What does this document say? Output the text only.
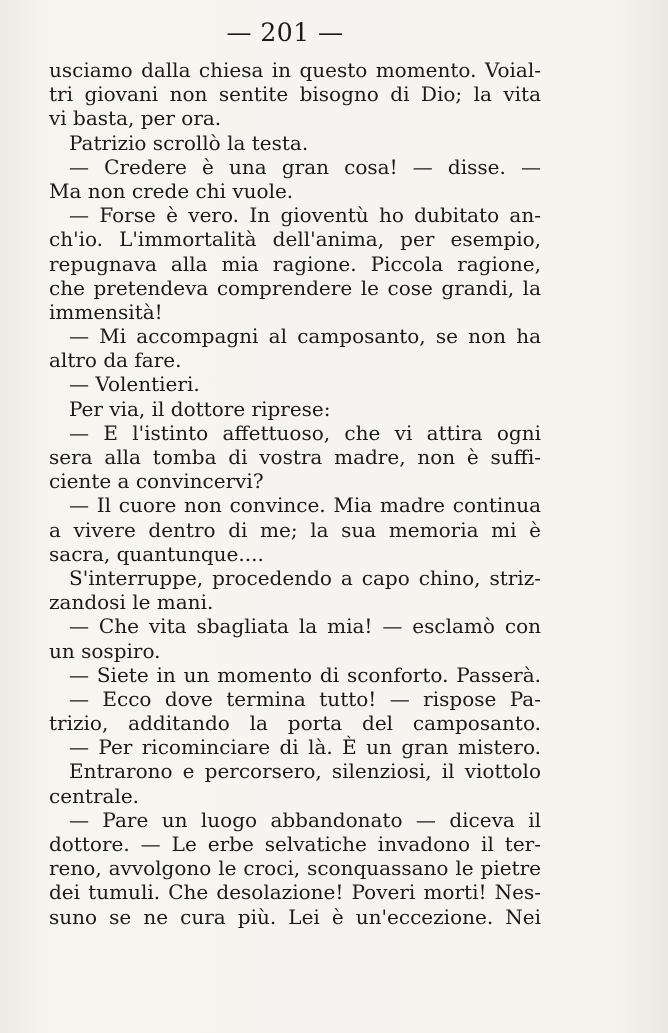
— 201 —
usciamo dalla chiesa in questo momento. Voial-
tri giovani non sentite bisogno di Dio; la vita
vi basta, per ora.
Patrizio scrollò la testa.
— Credere è una gran cosa! — disse. —
Ma non crede chi vuole.
— Forse è vero. In gioventù ho dubitato an-
ch'io. L'immortalità dell'anima, per esempio,
repugnava alla mia ragione. Piccola ragione,
che pretendeva comprendere le cose grandi, la
immensità!
— Mi accompagni al camposanto, se non ha
altro da fare.
— Volentieri.
Per via, il dottore riprese:
— E l'istinto affettuoso, che vi attira ogni
sera alla tomba di vostra madre, non è suffi-
ciente a convincervi?
— Il cuore non convince. Mia madre continua
a vivere dentro di me; la sua memoria mi è
sacra, quantunque....
S'interruppe, procedendo a capo chino, striz-
zandosi le mani.
— Che vita sbagliata la mia! — esclamò con
un sospiro.
— Siete in un momento di sconforto. Passerà.
— Ecco dove termina tutto! — rispose Pa-
trizio, additando la porta del camposanto.
— Per ricominciare di là. È un gran mistero.
Entrarono e percorsero, silenziosi, il viottolo
centrale.
— Pare un luogo abbandonato — diceva il
dottore. — Le erbe selvatiche invadono il ter-
reno, avvolgono le croci, sconquassano le pietre
dei tumuli. Che desolazione! Poveri morti! Nes-
suno se ne cura più. Lei è un'eccezione. Nei
